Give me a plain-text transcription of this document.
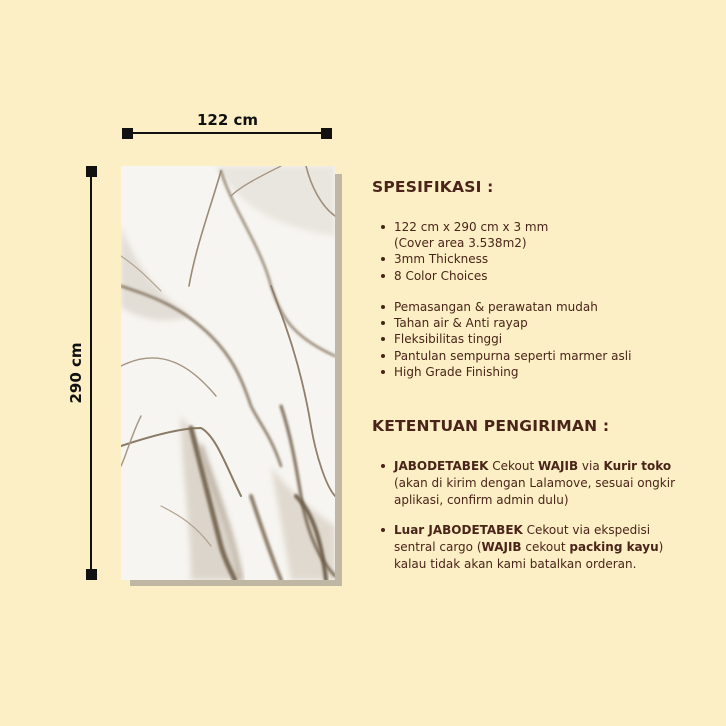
122 cm
290 cm
SPESIFIKASI :
122 cm x 290 cm x 3 mm
(Cover area 3.538m2)
3mm Thickness
8 Color Choices
Pemasangan & perawatan mudah
Tahan air & Anti rayap
Fleksibilitas tinggi
Pantulan sempurna seperti marmer asli
High Grade Finishing
KETENTUAN PENGIRIMAN :
JABODETABEK Cekout WAJIB via Kurir toko (akan di kirim dengan Lalamove, sesuai ongkir aplikasi, confirm admin dulu)
Luar JABODETABEK Cekout via ekspedisi sentral cargo (WAJIB cekout packing kayu) kalau tidak akan kami batalkan orderan.
